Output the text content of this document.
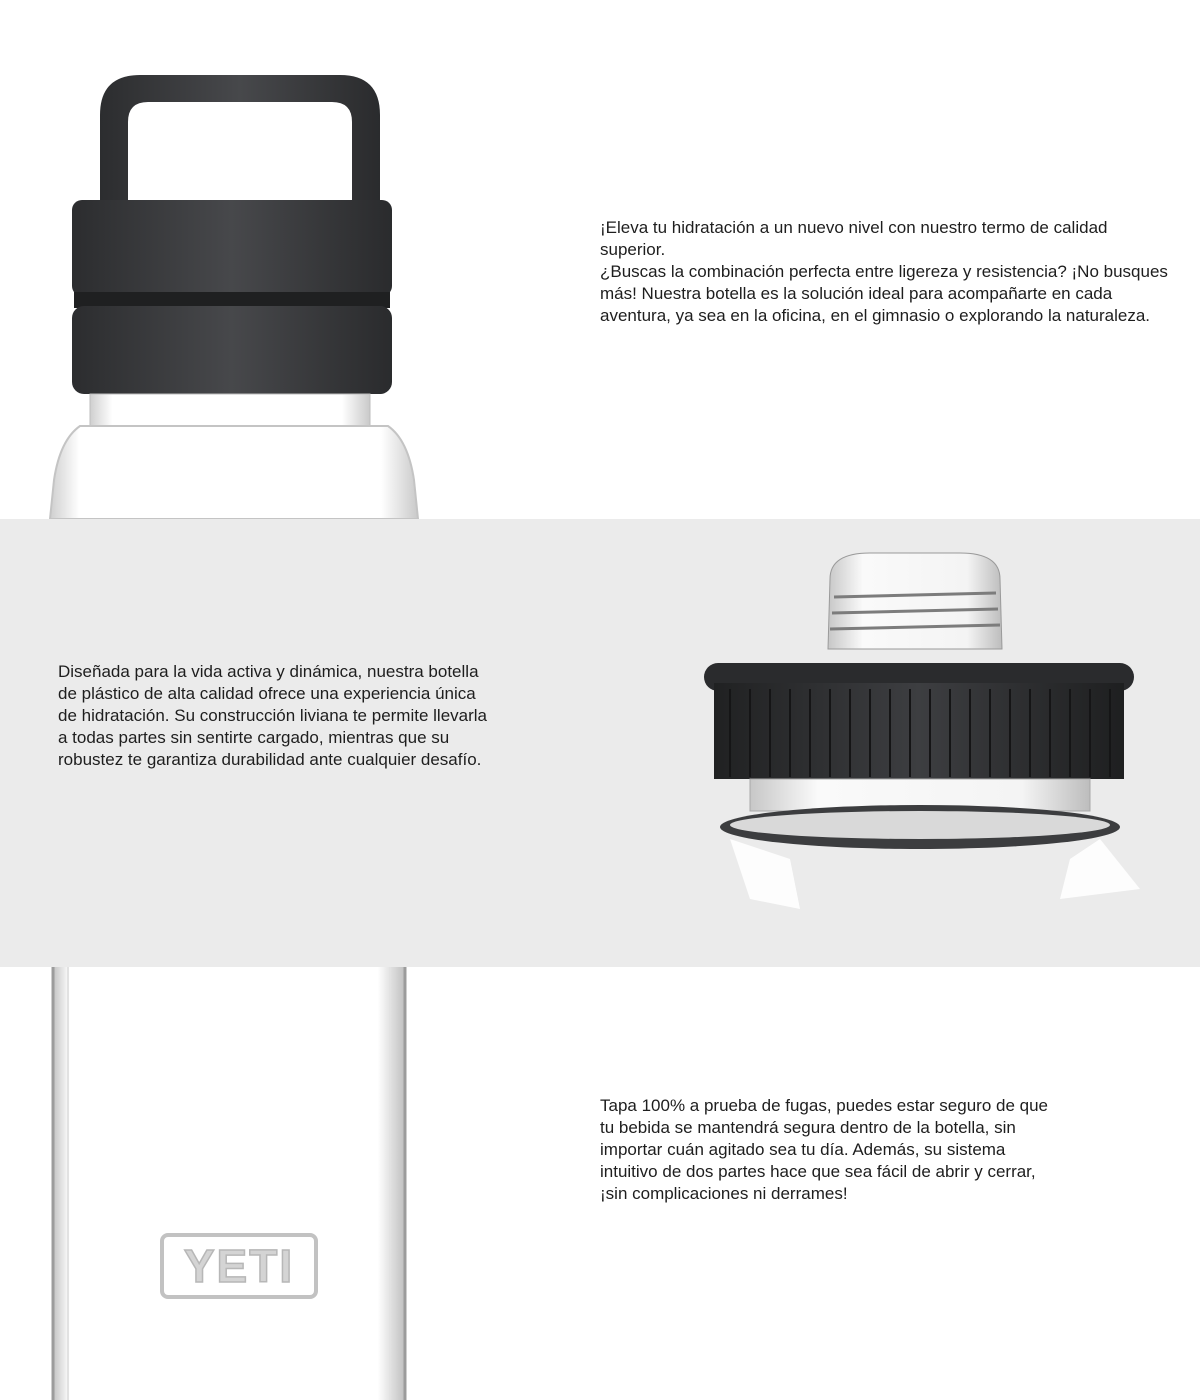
¡Eleva tu hidratación a un nuevo nivel con nuestro termo de calidad superior.
¿Buscas la combinación perfecta entre ligereza y resistencia? ¡No busques más! Nuestra botella es la solución ideal para acompañarte en cada aventura, ya sea en la oficina, en el gimnasio o explorando la naturaleza.

Diseñada para la vida activa y dinámica, nuestra botella de plástico de alta calidad ofrece una experiencia única de hidratación. Su construcción liviana te permite llevarla a todas partes sin sentirte cargado, mientras que su robustez te garantiza durabilidad ante cualquier desafío.

YETI

Tapa 100% a prueba de fugas, puedes estar seguro de que tu bebida se mantendrá segura dentro de la botella, sin importar cuán agitado sea tu día. Además, su sistema intuitivo de dos partes hace que sea fácil de abrir y cerrar, ¡sin complicaciones ni derrames!
